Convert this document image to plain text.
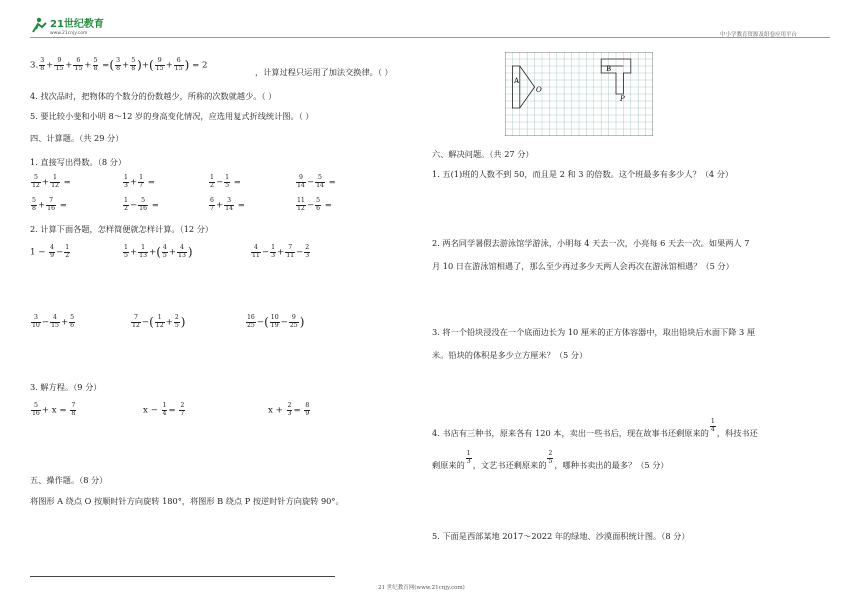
21世纪教育
www.21cnjy.com	中小学教育资源及组卷应用平台
3. $\frac{3}{8} + \frac{9}{15} + \frac{6}{15} + \frac{5}{8}$ =( $\frac{3}{8} + \frac{5}{8}$ )+( $\frac{9}{15} + \frac{6}{15}$ ) = 2
，计算过程只运用了加法交换律。（ ）
4. 找次品时，把物体的个数分的份数越少，所称的次数就越少。（ ）
5. 要比较小斐和小明 8～12 岁的身高变化情况，应选用复式折线统计图。（ ）
四、计算题。（共 29 分）
1. 直接写出得数。（8 分）
$\frac{5}{12} + \frac{1}{12}$ =	$\frac{1}{3} + \frac{1}{7}$ =	$\frac{1}{2} - \frac{1}{5}$ =	$\frac{9}{14} - \frac{5}{14}$ =
$\frac{5}{8} + \frac{7}{16}$ =	$\frac{1}{2} - \frac{5}{16}$ =	$\frac{6}{7} + \frac{3}{14}$ =	$\frac{11}{12} - \frac{5}{6}$ =
2. 计算下面各题，怎样简便就怎样计算。（12 分）
$1 - \frac{4}{9} - \frac{1}{2}$	$\frac{1}{5} + \frac{1}{13}$ +( $\frac{4}{5} + \frac{4}{13}$ )	$\frac{4}{11} - \frac{1}{3} + \frac{7}{11} - \frac{2}{3}$
$\frac{3}{10} - \frac{4}{15} + \frac{5}{6}$	$\frac{7}{12}$ −( $\frac{1}{12} + \frac{2}{5}$ )	$\frac{16}{25}$ −( $\frac{10}{19} - \frac{9}{25}$ )
3. 解方程。（9 分）
$\frac{5}{16} + x = \frac{7}{8}$	$x - \frac{1}{4} = \frac{2}{7}$	$x + \frac{2}{3} = \frac{8}{9}$
五、操作题。（8 分）
将图形 A 绕点 O 按顺时针方向旋转 180°，将图形 B 绕点 P 按逆时针方向旋转 90°。
21 世纪教育网(www.21cnjy.com)
A
O
B
P
六、解决问题。（共 27 分）
1. 五(1)班的人数不到 50，而且是 2 和 3 的倍数。这个班最多有多少人？（4 分）
2. 两名同学暑假去游泳馆学游泳，小明每 4 天去一次，小亮每 6 天去一次。如果两人 7
月 10 日在游泳馆相遇了，那么至少再过多少天两人会再次在游泳馆相遇？（5 分）
3. 将一个铅块浸没在一个底面边长为 10 厘米的正方体容器中，取出铅块后水面下降 3 厘
米。铅块的体积是多少立方厘米？（5 分）
4. 书店有三种书，原来各有 120 本，卖出一些书后，现在故事书还剩原来的 $\frac{1}{4}$ ，科技书还
剩原来的 $\frac{1}{3}$ ，文艺书还剩原来的 $\frac{2}{5}$ ，哪种书卖出的最多？（5 分）
5. 下面是西部某地 2017～2022 年的绿地、沙漠面积统计图。（8 分）
